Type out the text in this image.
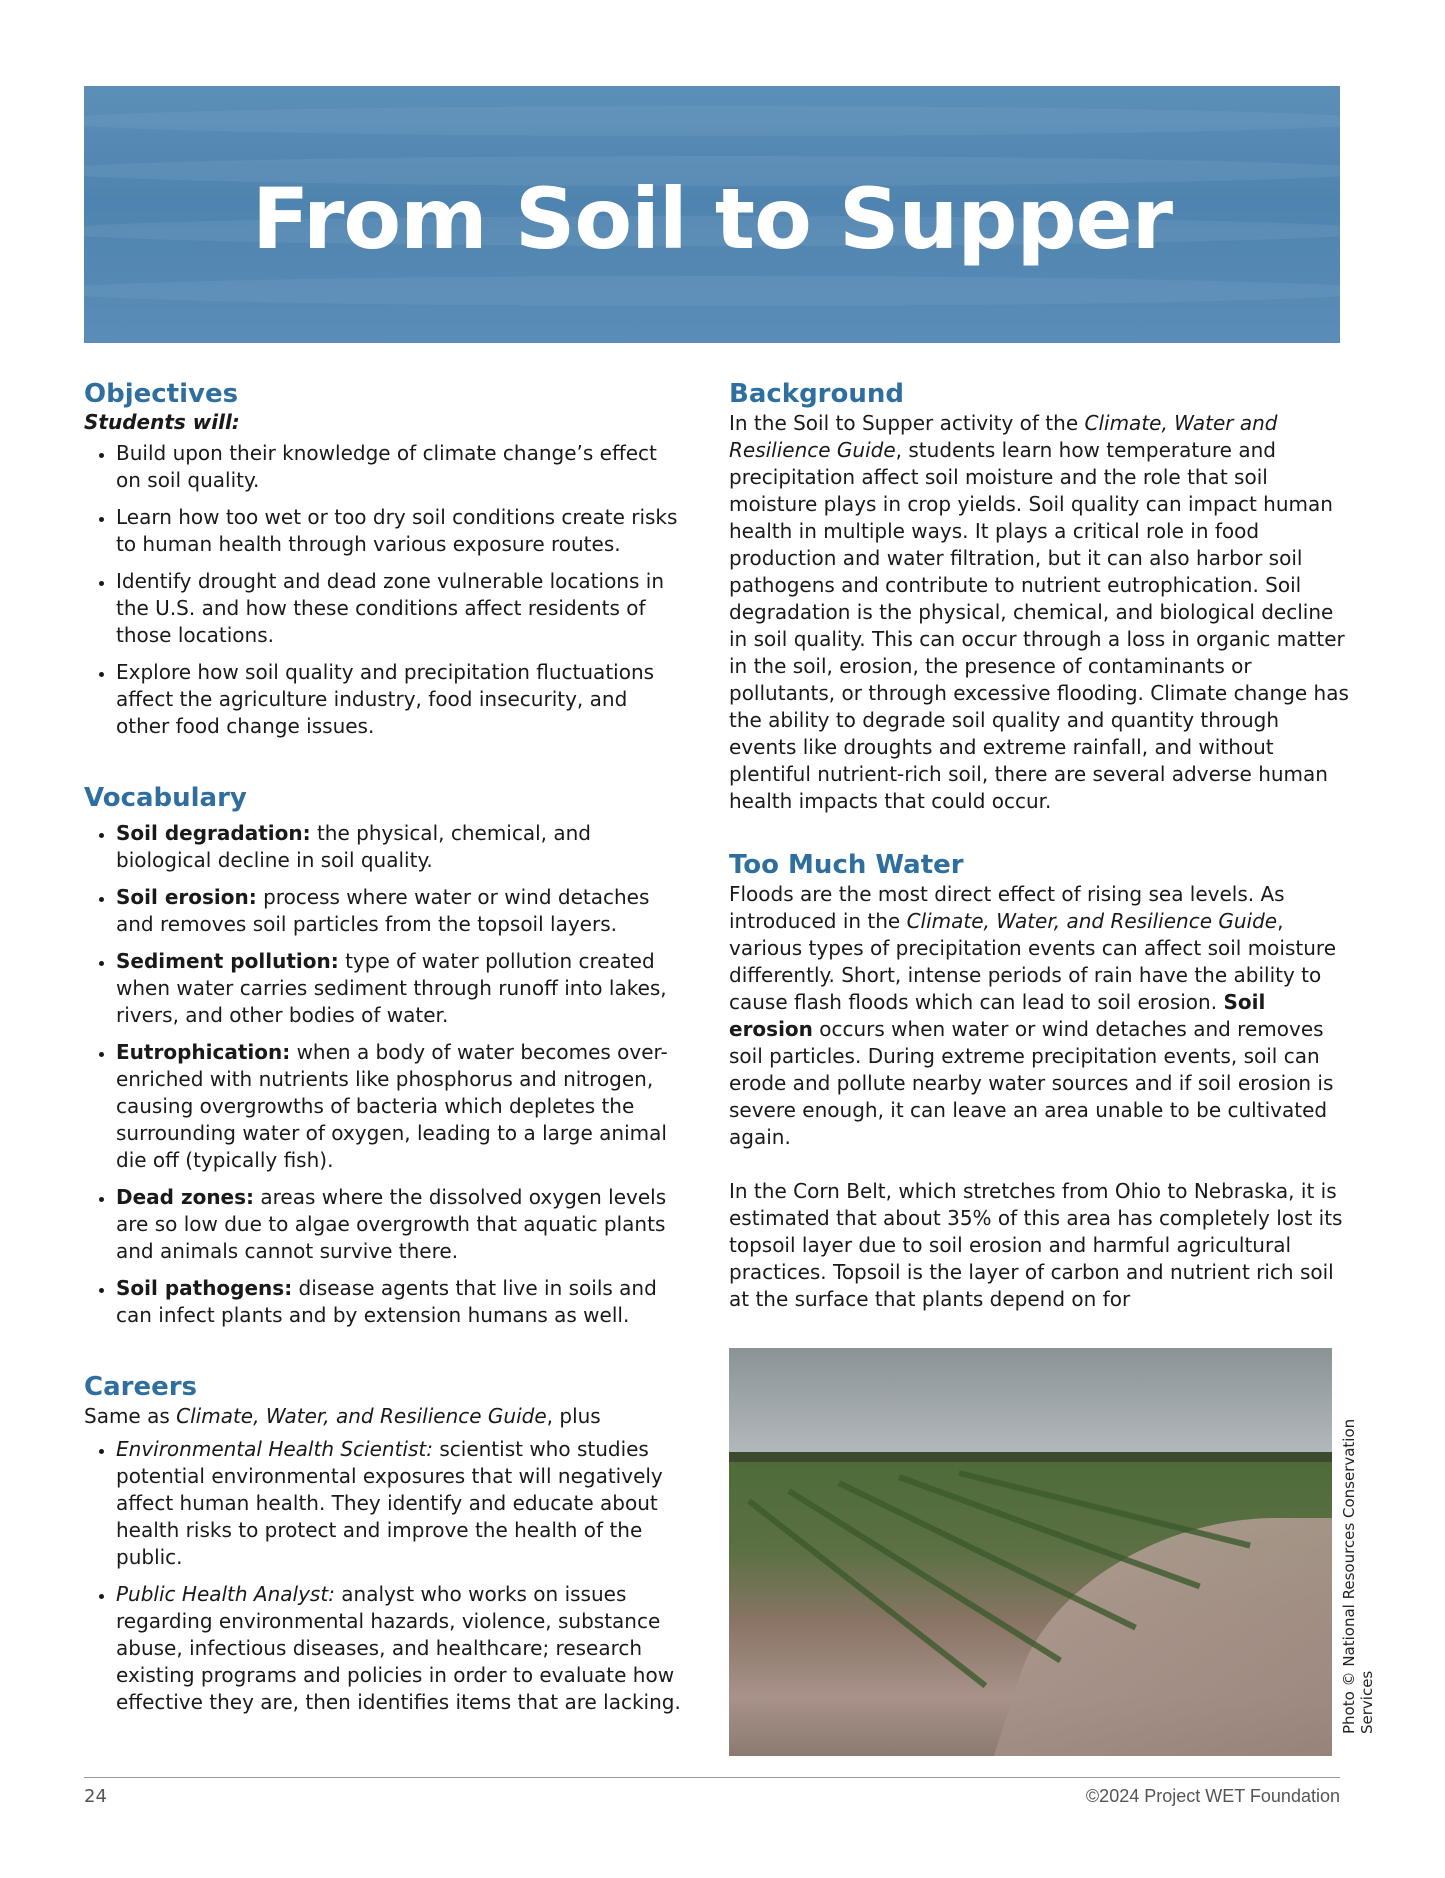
From Soil to Supper
Objectives
Students will:
• Build upon their knowledge of climate change’s effect on soil quality.
• Learn how too wet or too dry soil conditions create risks to human health through various exposure routes.
• Identify drought and dead zone vulnerable locations in the U.S. and how these conditions affect residents of those locations.
• Explore how soil quality and precipitation fluctuations affect the agriculture industry, food insecurity, and other food change issues.
Vocabulary
• Soil degradation: the physical, chemical, and biological decline in soil quality.
• Soil erosion: process where water or wind detaches and removes soil particles from the topsoil layers.
• Sediment pollution: type of water pollution created when water carries sediment through runoff into lakes, rivers, and other bodies of water.
• Eutrophication: when a body of water becomes over-enriched with nutrients like phosphorus and nitrogen, causing overgrowths of bacteria which depletes the surrounding water of oxygen, leading to a large animal die off (typically fish).
• Dead zones: areas where the dissolved oxygen levels are so low due to algae overgrowth that aquatic plants and animals cannot survive there.
• Soil pathogens: disease agents that live in soils and can infect plants and by extension humans as well.
Careers

Same as Climate, Water, and Resilience Guide, plus

• Environmental Health Scientist: scientist who studies potential environmental exposures that will negatively affect human health. They identify and educate about health risks to protect and improve the health of the public.
• Public Health Analyst: analyst who works on issues regarding environmental hazards, violence, substance abuse, infectious diseases, and healthcare; research existing programs and policies in order to evaluate how effective they are, then identifies items that are lacking.
Background

In the Soil to Supper activity of the Climate, Water and Resilience Guide, students learn how temperature and precipitation affect soil moisture and the role that soil moisture plays in crop yields. Soil quality can impact human health in multiple ways. It plays a critical role in food production and water filtration, but it can also harbor soil pathogens and contribute to nutrient eutrophication. Soil degradation is the physical, chemical, and biological decline in soil quality. This can occur through a loss in organic matter in the soil, erosion, the presence of contaminants or pollutants, or through excessive flooding. Climate change has the ability to degrade soil quality and quantity through events like droughts and extreme rainfall, and without plentiful nutrient-rich soil, there are several adverse human health impacts that could occur.

Too Much Water

Floods are the most direct effect of rising sea levels. As introduced in the Climate, Water, and Resilience Guide, various types of precipitation events can affect soil moisture differently. Short, intense periods of rain have the ability to cause flash floods which can lead to soil erosion. Soil erosion occurs when water or wind detaches and removes soil particles. During extreme precipitation events, soil can erode and pollute nearby water sources and if soil erosion is severe enough, it can leave an area unable to be cultivated again.

In the Corn Belt, which stretches from Ohio to Nebraska, it is estimated that about 35% of this area has completely lost its topsoil layer due to soil erosion and harmful agricultural practices. Topsoil is the layer of carbon and nutrient rich soil at the surface that plants depend on for

Photo © National Resources Conservation Services
24	©2024 Project WET Foundation
